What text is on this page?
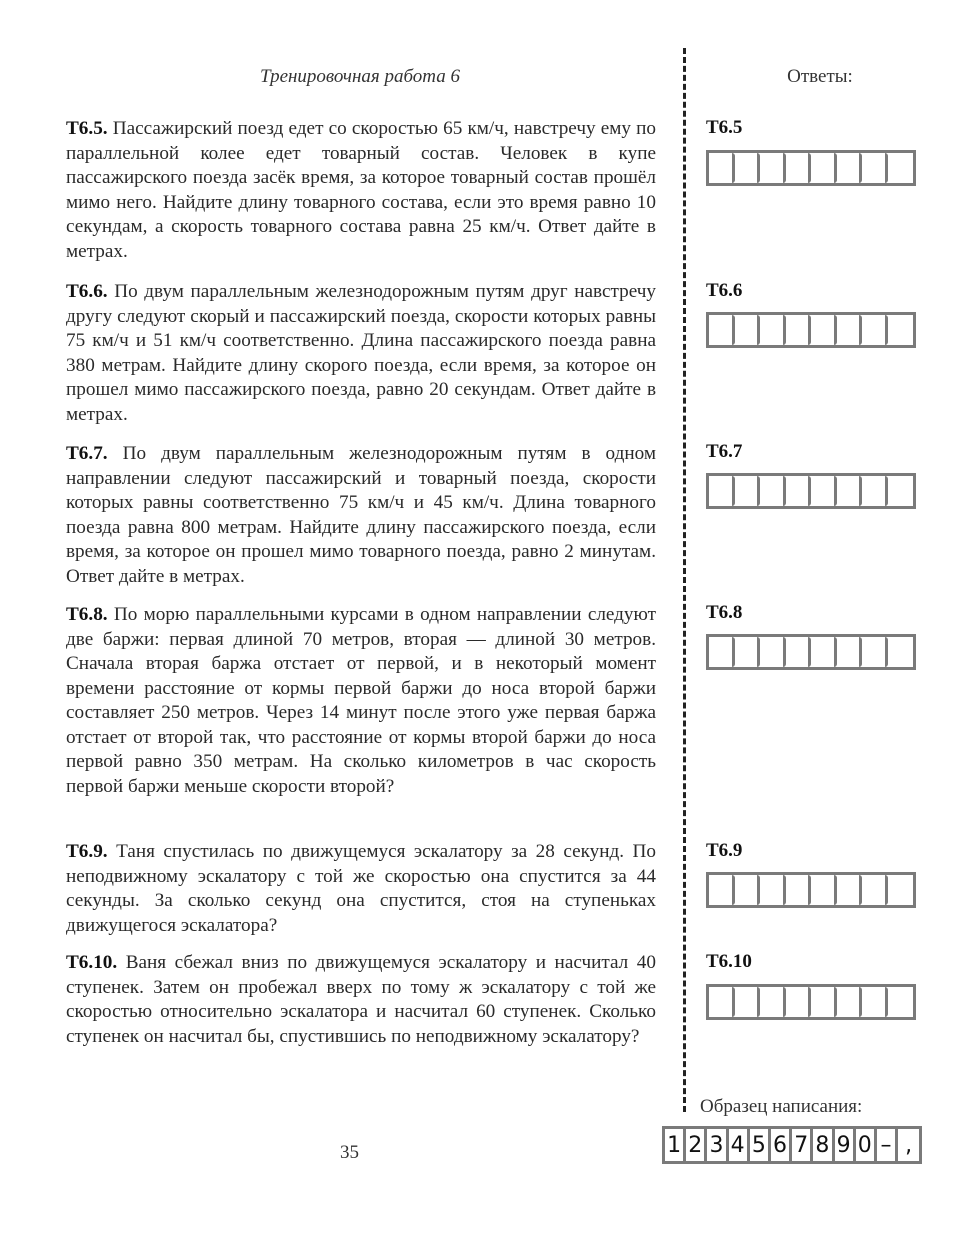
Тренировочная работа 6	Ответы:
Т6.5. Пассажирский поезд едет со скоростью 65 км/ч, навстречу ему по параллельной колее едет товарный состав. Человек в купе пассажирского поезда засёк время, за которое товарный состав прошёл мимо него. Найдите длину товарного состава, если это время равно 10 секундам, а скорость товарного состава равна 25 км/ч. Ответ дайте в метрах.
Т6.6. По двум параллельным железнодорожным путям друг навстречу другу следуют скорый и пассажирский поезда, скорости которых равны 75 км/ч и 51 км/ч соответственно. Длина пассажирского поезда равна 380 метрам. Найдите длину скорого поезда, если время, за которое он прошел мимо пассажирского поезда, равно 20 секундам. Ответ дайте в метрах.
Т6.7. По двум параллельным железнодорожным путям в одном направлении следуют пассажирский и товарный поезда, скорости которых равны соответственно 75 км/ч и 45 км/ч. Длина товарного поезда равна 800 метрам. Найдите длину пассажирского поезда, если время, за которое он прошел мимо товарного поезда, равно 2 минутам. Ответ дайте в метрах.
Т6.8. По морю параллельными курсами в одном направлении следуют две баржи: первая длиной 70 метров, вторая — длиной 30 метров. Сначала вторая баржа отстает от первой, и в некоторый момент времени расстояние от кормы первой баржи до носа второй баржи составляет 250 метров. Через 14 минут после этого уже первая баржа отстает от второй так, что расстояние от кормы второй баржи до носа первой равно 350 метрам. На сколько километров в час скорость первой баржи меньше скорости второй?
Т6.9. Таня спустилась по движущемуся эскалатору за 28 секунд. По неподвижному эскалатору с той же скоростью она спустится за 44 секунды. За сколько секунд она спустится, стоя на ступеньках движущегося эскалатора?
Т6.10. Ваня сбежал вниз по движущемуся эскалатору и насчитал 40 ступенек. Затем он пробежал вверх по тому ж эскалатору с той же скоростью относительно эскалатора и насчитал 60 ступенек. Сколько ступенек он насчитал бы, спустившись по неподвижному эскалатору?
Т6.5
Т6.6
Т6.7
Т6.8
Т6.9
Т6.10
Образец написания:
1 2 3 4 5 6 7 8 9 0 – ,
35
